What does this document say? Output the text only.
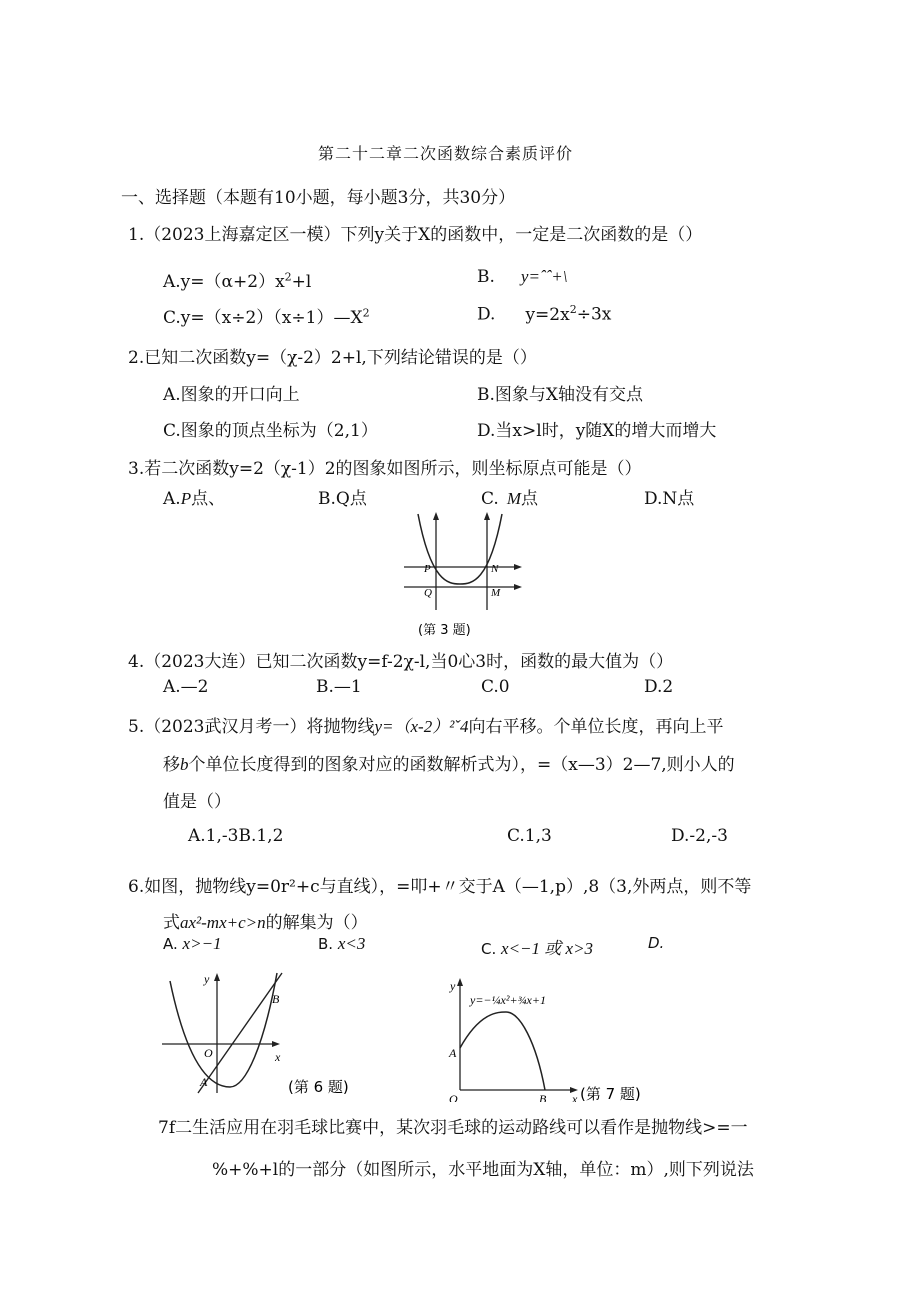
第二十二章二次函数综合素质评价
一、选择题（本题有10小题，每小题3分，共30分）
1.（2023上海嘉定区一模）下列y关于X的函数中，一定是二次函数的是（）
$A.y=(\alpha+2)x^2+l$	B. y=ˆˆ+\
$C.y=(x\div 2)(x\div 1)—X^2$	D. $y=2x^2\div 3x$
2.已知二次函数y=（χ-2）2+l,下列结论错误的是（）
A.图象的开口向上	B.图象与X轴没有交点
C.图象的顶点坐标为（2,1）	D.当x>l时，y随X的增大而增大
3.若二次函数y=2（χ-1）2的图象如图所示，则坐标原点可能是（）
A.P点、	B.Q点	C. M点	D.N点
P	N
Q	M
(第 3 题)
4.（2023大连）已知二次函数y=f-2χ-l,当0心3时，函数的最大值为（）
A.—2	B.—1	C.0	D.2
5.（2023武汉月考一）将抛物线y=（x-2）²ˇ4向右平移。个单位长度，再向上平
移b个单位长度得到的图象对应的函数解析式为），=（x—3）2—7,则小人的
值是（）
A.1,-3B.1,2	C.1,3	D.-2,-3
6.如图，抛物线y=0r²+c与直线），=叩+〃交于A（—1,p）,8（3,外两点，则不等
式ax²-mx+c>n的解集为（）
A. x>−1	B. x<3	C. x<−1 或 x>3	D.
y
x
O
A
B
(第 6 题)
y
x
O
A
B
y=−¼x²+¾x+1
(第 7 题)
7f二生活应用在羽毛球比赛中，某次羽毛球的运动路线可以看作是抛物线>=一
%+%+l的一部分（如图所示，水平地面为X轴，单位：m）,则下列说法
